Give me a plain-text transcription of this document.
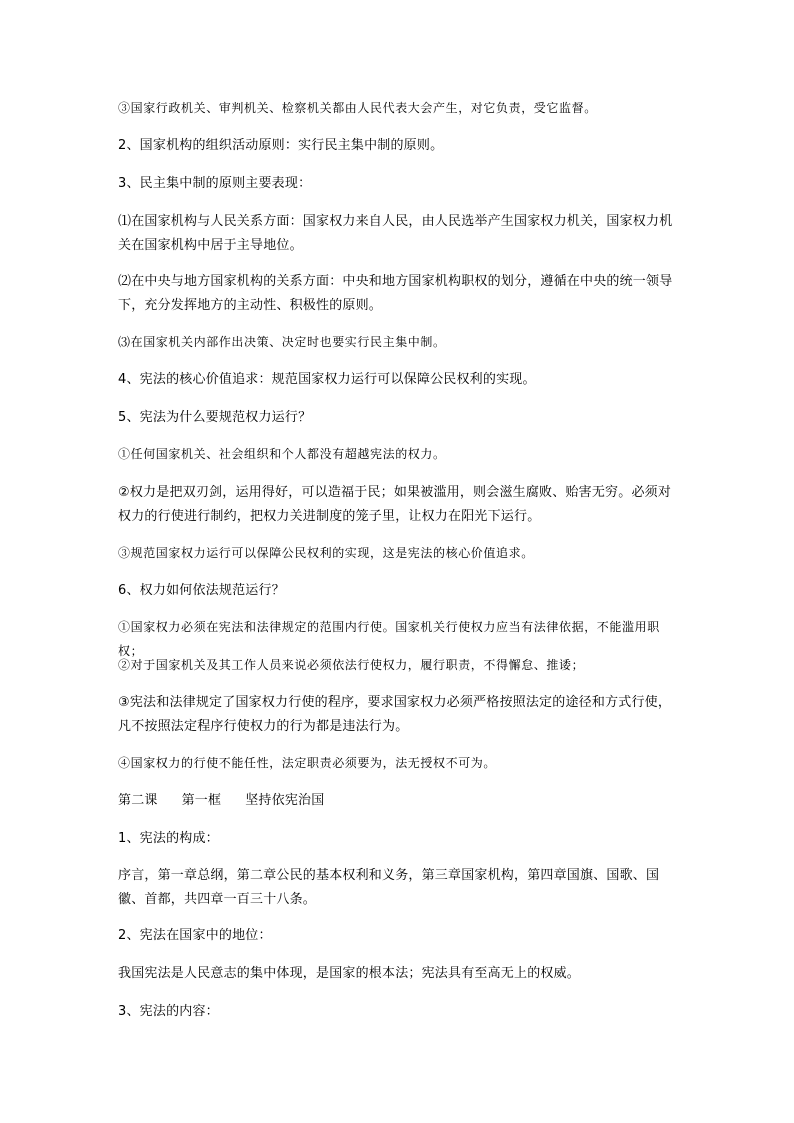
③国家行政机关、审判机关、检察机关都由人民代表大会产生，对它负责，受它监督。

2、国家机构的组织活动原则：实行民主集中制的原则。

3、民主集中制的原则主要表现：

⑴在国家机构与人民关系方面：国家权力来自人民，由人民选举产生国家权力机关，国家权力机关在国家机构中居于主导地位。

⑵在中央与地方国家机构的关系方面：中央和地方国家机构职权的划分，遵循在中央的统一领导下，充分发挥地方的主动性、积极性的原则。

⑶在国家机关内部作出决策、决定时也要实行民主集中制。

4、宪法的核心价值追求：规范国家权力运行可以保障公民权利的实现。

5、宪法为什么要规范权力运行？

①任何国家机关、社会组织和个人都没有超越宪法的权力。

②权力是把双刃剑，运用得好，可以造福于民；如果被滥用，则会滋生腐败、贻害无穷。必须对权力的行使进行制约，把权力关进制度的笼子里，让权力在阳光下运行。

③规范国家权力运行可以保障公民权利的实现，这是宪法的核心价值追求。

6、权力如何依法规范运行？

①国家权力必须在宪法和法律规定的范围内行使。国家机关行使权力应当有法律依据，不能滥用职权；

②对于国家机关及其工作人员来说必须依法行使权力，履行职责，不得懈怠、推诿；

③宪法和法律规定了国家权力行使的程序，要求国家权力必须严格按照法定的途径和方式行使，凡不按照法定程序行使权力的行为都是违法行为。

④国家权力的行使不能任性，法定职责必须要为，法无授权不可为。

第二课 第一框 坚持依宪治国

1、宪法的构成：

序言，第一章总纲，第二章公民的基本权利和义务，第三章国家机构，第四章国旗、国歌、国徽、首都，共四章一百三十八条。

2、宪法在国家中的地位：

我国宪法是人民意志的集中体现，是国家的根本法；宪法具有至高无上的权威。

3、宪法的内容：
